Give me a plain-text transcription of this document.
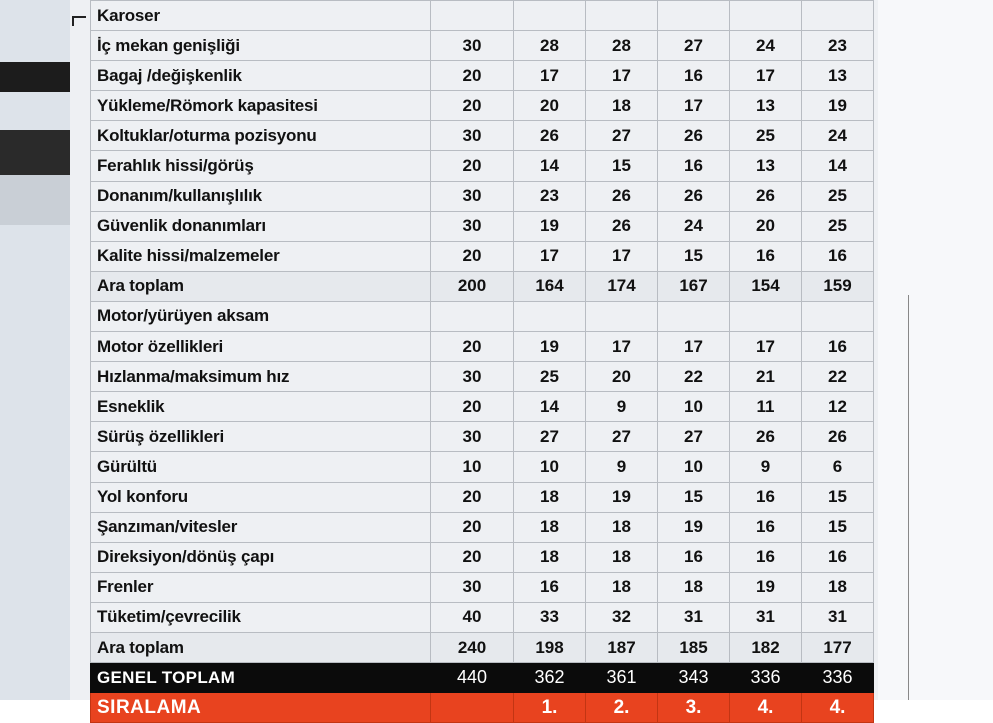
Karoser						
İç mekan genişliği	30	28	28	27	24	23
Bagaj /değişkenlik	20	17	17	16	17	13
Yükleme/Römork kapasitesi	20	20	18	17	13	19
Koltuklar/oturma pozisyonu	30	26	27	26	25	24
Ferahlık hissi/görüş	20	14	15	16	13	14
Donanım/kullanışlılık	30	23	26	26	26	25
Güvenlik donanımları	30	19	26	24	20	25
Kalite hissi/malzemeler	20	17	17	15	16	16
Ara toplam	200	164	174	167	154	159
Motor/yürüyen aksam						
Motor özellikleri	20	19	17	17	17	16
Hızlanma/maksimum hız	30	25	20	22	21	22
Esneklik	20	14	9	10	11	12
Sürüş özellikleri	30	27	27	27	26	26
Gürültü	10	10	9	10	9	6
Yol konforu	20	18	19	15	16	15
Şanzıman/vitesler	20	18	18	19	16	15
Direksiyon/dönüş çapı	20	18	18	16	16	16
Frenler	30	16	18	18	19	18
Tüketim/çevrecilik	40	33	32	31	31	31
Ara toplam	240	198	187	185	182	177
GENEL TOPLAM	440	362	361	343	336	336
SIRALAMA		1.	2.	3.	4.	4.
